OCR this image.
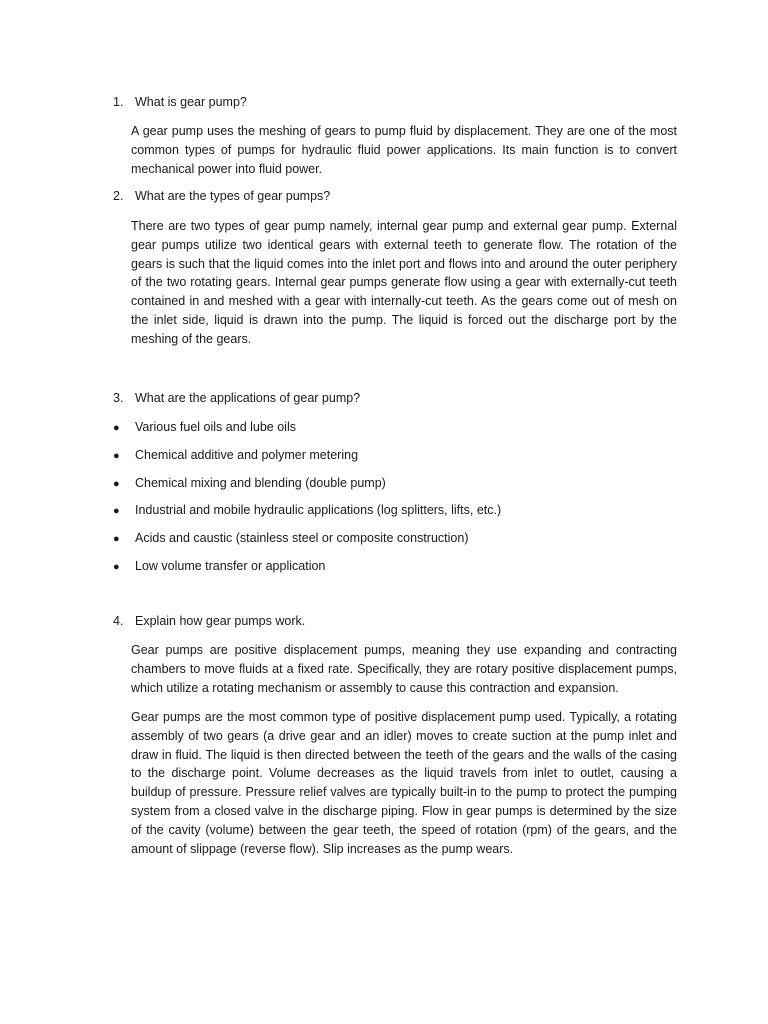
1. What is gear pump?

A gear pump uses the meshing of gears to pump fluid by displacement. They are one of the most common types of pumps for hydraulic fluid power applications. Its main function is to convert mechanical power into fluid power.

2. What are the types of gear pumps?

There are two types of gear pump namely, internal gear pump and external gear pump. External gear pumps utilize two identical gears with external teeth to generate flow. The rotation of the gears is such that the liquid comes into the inlet port and flows into and around the outer periphery of the two rotating gears. Internal gear pumps generate flow using a gear with externally-cut teeth contained in and meshed with a gear with internally-cut teeth. As the gears come out of mesh on the inlet side, liquid is drawn into the pump. The liquid is forced out the discharge port by the meshing of the gears.

3. What are the applications of gear pump?
● Various fuel oils and lube oils
● Chemical additive and polymer metering
● Chemical mixing and blending (double pump)
● Industrial and mobile hydraulic applications (log splitters, lifts, etc.)
● Acids and caustic (stainless steel or composite construction)
● Low volume transfer or application
4. Explain how gear pumps work.

Gear pumps are positive displacement pumps, meaning they use expanding and contracting chambers to move fluids at a fixed rate. Specifically, they are rotary positive displacement pumps, which utilize a rotating mechanism or assembly to cause this contraction and expansion.

Gear pumps are the most common type of positive displacement pump used. Typically, a rotating assembly of two gears (a drive gear and an idler) moves to create suction at the pump inlet and draw in fluid. The liquid is then directed between the teeth of the gears and the walls of the casing to the discharge point. Volume decreases as the liquid travels from inlet to outlet, causing a buildup of pressure. Pressure relief valves are typically built-in to the pump to protect the pumping system from a closed valve in the discharge piping. Flow in gear pumps is determined by the size of the cavity (volume) between the gear teeth, the speed of rotation (rpm) of the gears, and the amount of slippage (reverse flow). Slip increases as the pump wears.
